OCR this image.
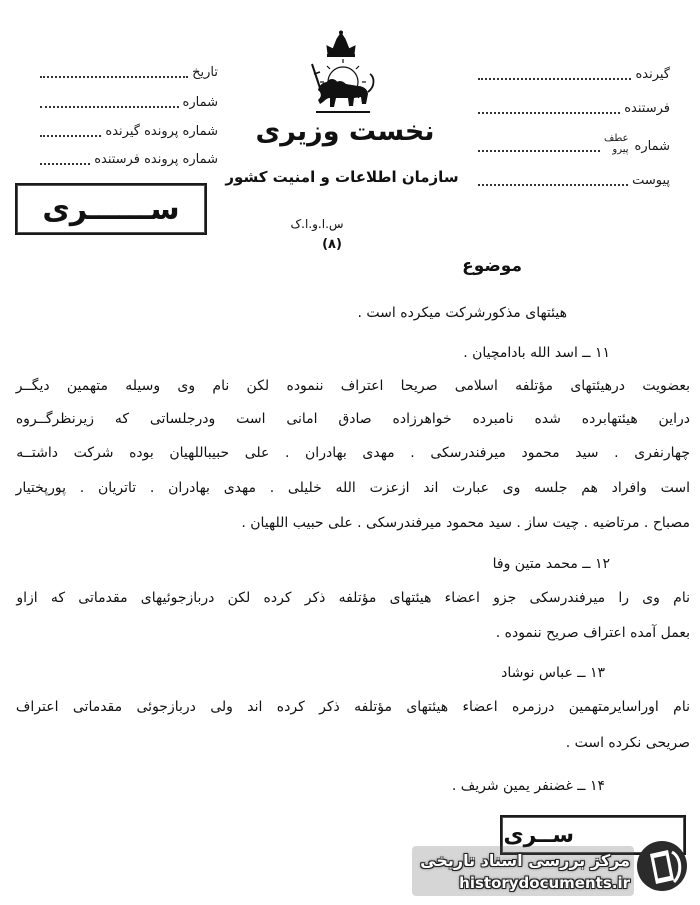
تاریخ
شماره
شماره پرونده گیرنده
شماره پرونده فرستنده
ســــــری
نخست وزیری
سازمان اطلاعات و امنیت کشور
س.ا.و.ا.ک
(۸)
گیرنده
فرستنده
شماره
عطف
پیرو
پیوست
موضوع
هیئتهای مذکورشرکت میکرده است .
۱۱ ــ اسد الله بادامچیان .
بعضویت درهیئتهای مؤتلفه اسلامی صریحا اعتراف ننموده لکن نام وی وسیله متهمین دیگــر
دراین هیئتهابرده شده نامبرده خواهرزاده صادق امانی است ودرجلساتی که زیرنظرگــروه
چهارنفری . سید محمود میرفندرسکی . مهدی بهادران . علی حبیباللهیان بوده شرکت داشتــه
است وافراد هم جلسه وی عبارت اند ازعزت الله خلیلی . مهدی بهادران . تاتریان . پورپختیار
مصباح . مرتاضیه . چیت ساز . سید محمود میرفندرسکی . علی حبیب اللهیان .
۱۲ ــ محمد متین وفا
نام وی را میرفندرسکی جزو اعضاء هیئتهای مؤتلفه ذکر کرده لکن دربازجوئیهای مقدماتی که ازاو
بعمل آمده اعتراف صریح ننموده .
۱۳ ــ عباس نوشاد
نام اوراسایرمتهمین درزمره اعضاء هیئتهای مؤتلفه ذکر کرده اند ولی دربازجوئی مقدماتی اعتراف
صریحی نکرده است .
۱۴ ــ غضنفر یمین شریف .
ســری
مرکز بررسی اسناد تاریخی
historydocuments.ir
